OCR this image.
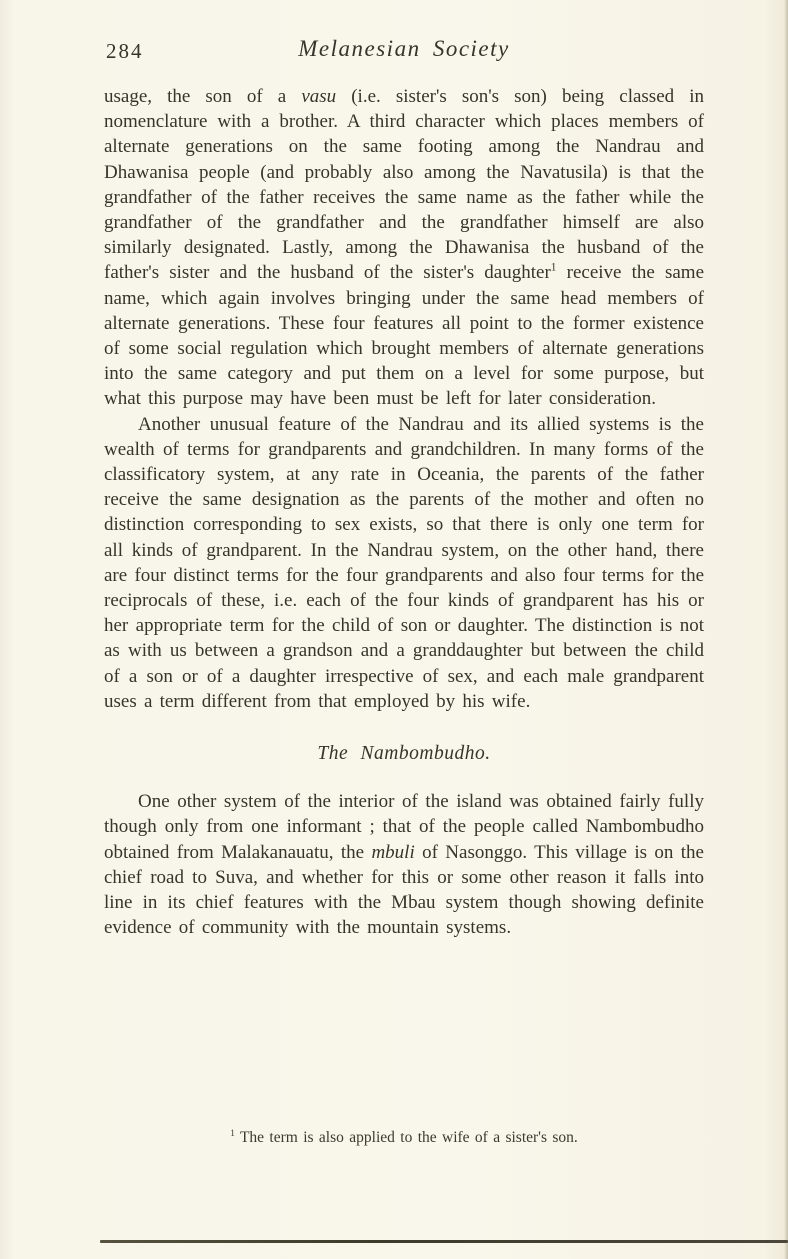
284	Melanesian Society

usage, the son of a vasu (i.e. sister's son's son) being classed in nomenclature with a brother. A third character which places members of alternate generations on the same footing among the Nandrau and Dhawanisa people (and probably also among the Navatusila) is that the grandfather of the father receives the same name as the father while the grandfather of the grandfather and the grandfather himself are also similarly designated. Lastly, among the Dhawanisa the husband of the father's sister and the husband of the sister's daughter$^1$ receive the same name, which again involves bringing under the same head members of alternate generations. These four features all point to the former existence of some social regulation which brought members of alternate generations into the same category and put them on a level for some purpose, but what this purpose may have been must be left for later consideration.

Another unusual feature of the Nandrau and its allied systems is the wealth of terms for grandparents and grandchildren. In many forms of the classificatory system, at any rate in Oceania, the parents of the father receive the same designation as the parents of the mother and often no distinction corresponding to sex exists, so that there is only one term for all kinds of grandparent. In the Nandrau system, on the other hand, there are four distinct terms for the four grandparents and also four terms for the reciprocals of these, i.e. each of the four kinds of grandparent has his or her appropriate term for the child of son or daughter. The distinction is not as with us between a grandson and a granddaughter but between the child of a son or of a daughter irrespective of sex, and each male grandparent uses a term different from that employed by his wife.

The Nambombudho.

One other system of the interior of the island was obtained fairly fully though only from one informant ; that of the people called Nambombudho obtained from Malakanauatu, the mbuli of Nasonggo. This village is on the chief road to Suva, and whether for this or some other reason it falls into line in its chief features with the Mbau system though showing definite evidence of community with the mountain systems.

$^1$ The term is also applied to the wife of a sister's son.
